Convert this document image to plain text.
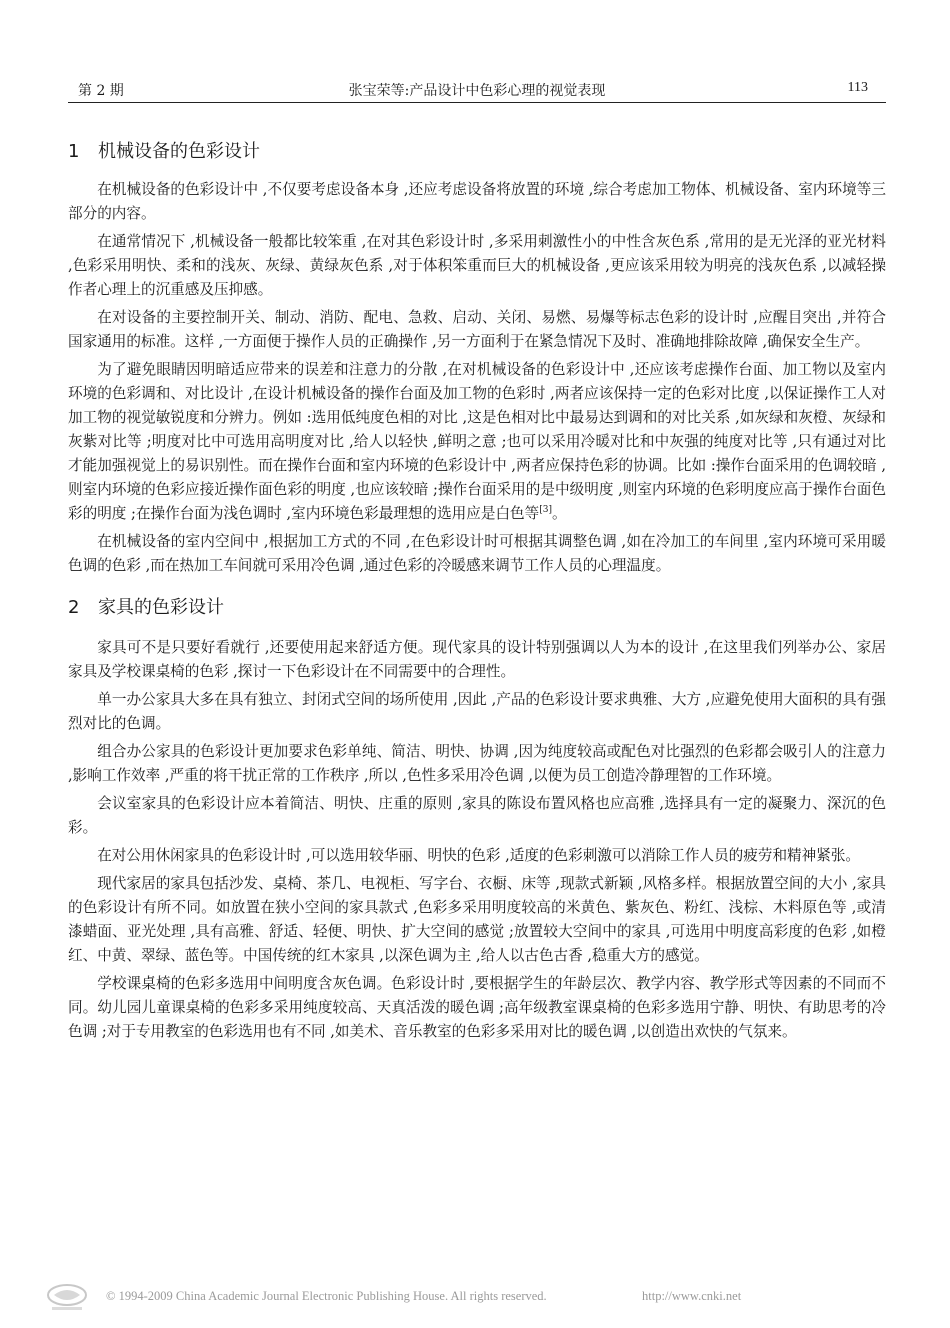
第 2 期	张宝荣等:产品设计中色彩心理的视觉表现	113
1 机械设备的色彩设计

在机械设备的色彩设计中 ,不仅要考虑设备本身 ,还应考虑设备将放置的环境 ,综合考虑加工物体、机械设备、室内环境等三部分的内容。

在通常情况下 ,机械设备一般都比较笨重 ,在对其色彩设计时 ,多采用刺激性小的中性含灰色系 ,常用的是无光泽的亚光材料 ,色彩采用明快、柔和的浅灰、灰绿、黄绿灰色系 ,对于体积笨重而巨大的机械设备 ,更应该采用较为明亮的浅灰色系 ,以减轻操作者心理上的沉重感及压抑感。

在对设备的主要控制开关、制动、消防、配电、急救、启动、关闭、易燃、易爆等标志色彩的设计时 ,应醒目突出 ,并符合国家通用的标准。这样 ,一方面便于操作人员的正确操作 ,另一方面利于在紧急情况下及时、准确地排除故障 ,确保安全生产。

为了避免眼睛因明暗适应带来的误差和注意力的分散 ,在对机械设备的色彩设计中 ,还应该考虑操作台面、加工物以及室内环境的色彩调和、对比设计 ,在设计机械设备的操作台面及加工物的色彩时 ,两者应该保持一定的色彩对比度 ,以保证操作工人对加工物的视觉敏锐度和分辨力。例如 :选用低纯度色相的对比 ,这是色相对比中最易达到调和的对比关系 ,如灰绿和灰橙、灰绿和灰紫对比等 ;明度对比中可选用高明度对比 ,给人以轻快 ,鲜明之意 ;也可以采用冷暖对比和中灰强的纯度对比等 ,只有通过对比才能加强视觉上的易识别性。而在操作台面和室内环境的色彩设计中 ,两者应保持色彩的协调。比如 :操作台面采用的色调较暗 ,则室内环境的色彩应接近操作面色彩的明度 ,也应该较暗 ;操作台面采用的是中级明度 ,则室内环境的色彩明度应高于操作台面色彩的明度 ;在操作台面为浅色调时 ,室内环境色彩最理想的选用应是白色等[3]。

在机械设备的室内空间中 ,根据加工方式的不同 ,在色彩设计时可根据其调整色调 ,如在冷加工的车间里 ,室内环境可采用暖色调的色彩 ,而在热加工车间就可采用冷色调 ,通过色彩的冷暖感来调节工作人员的心理温度。

2 家具的色彩设计

家具可不是只要好看就行 ,还要使用起来舒适方便。现代家具的设计特别强调以人为本的设计 ,在这里我们列举办公、家居家具及学校课桌椅的色彩 ,探讨一下色彩设计在不同需要中的合理性。

单一办公家具大多在具有独立、封闭式空间的场所使用 ,因此 ,产品的色彩设计要求典雅、大方 ,应避免使用大面积的具有强烈对比的色调。

组合办公家具的色彩设计更加要求色彩单纯、简洁、明快、协调 ,因为纯度较高或配色对比强烈的色彩都会吸引人的注意力 ,影响工作效率 ,严重的将干扰正常的工作秩序 ,所以 ,色性多采用冷色调 ,以便为员工创造冷静理智的工作环境。

会议室家具的色彩设计应本着简洁、明快、庄重的原则 ,家具的陈设布置风格也应高雅 ,选择具有一定的凝聚力、深沉的色彩。

在对公用休闲家具的色彩设计时 ,可以选用较华丽、明快的色彩 ,适度的色彩刺激可以消除工作人员的疲劳和精神紧张。

现代家居的家具包括沙发、桌椅、茶几、电视柜、写字台、衣橱、床等 ,现款式新颖 ,风格多样。根据放置空间的大小 ,家具的色彩设计有所不同。如放置在狭小空间的家具款式 ,色彩多采用明度较高的米黄色、紫灰色、粉红、浅棕、木料原色等 ,或清漆蜡面、亚光处理 ,具有高雅、舒适、轻便、明快、扩大空间的感觉 ;放置较大空间中的家具 ,可选用中明度高彩度的色彩 ,如橙红、中黄、翠绿、蓝色等。中国传统的红木家具 ,以深色调为主 ,给人以古色古香 ,稳重大方的感觉。

学校课桌椅的色彩多选用中间明度含灰色调。色彩设计时 ,要根据学生的年龄层次、教学内容、教学形式等因素的不同而不同。幼儿园儿童课桌椅的色彩多采用纯度较高、天真活泼的暖色调 ;高年级教室课桌椅的色彩多选用宁静、明快、有助思考的冷色调 ;对于专用教室的色彩选用也有不同 ,如美术、音乐教室的色彩多采用对比的暖色调 ,以创造出欢快的气氛来。

© 1994-2009 China Academic Journal Electronic Publishing House. All rights reserved.	http://www.cnki.net
